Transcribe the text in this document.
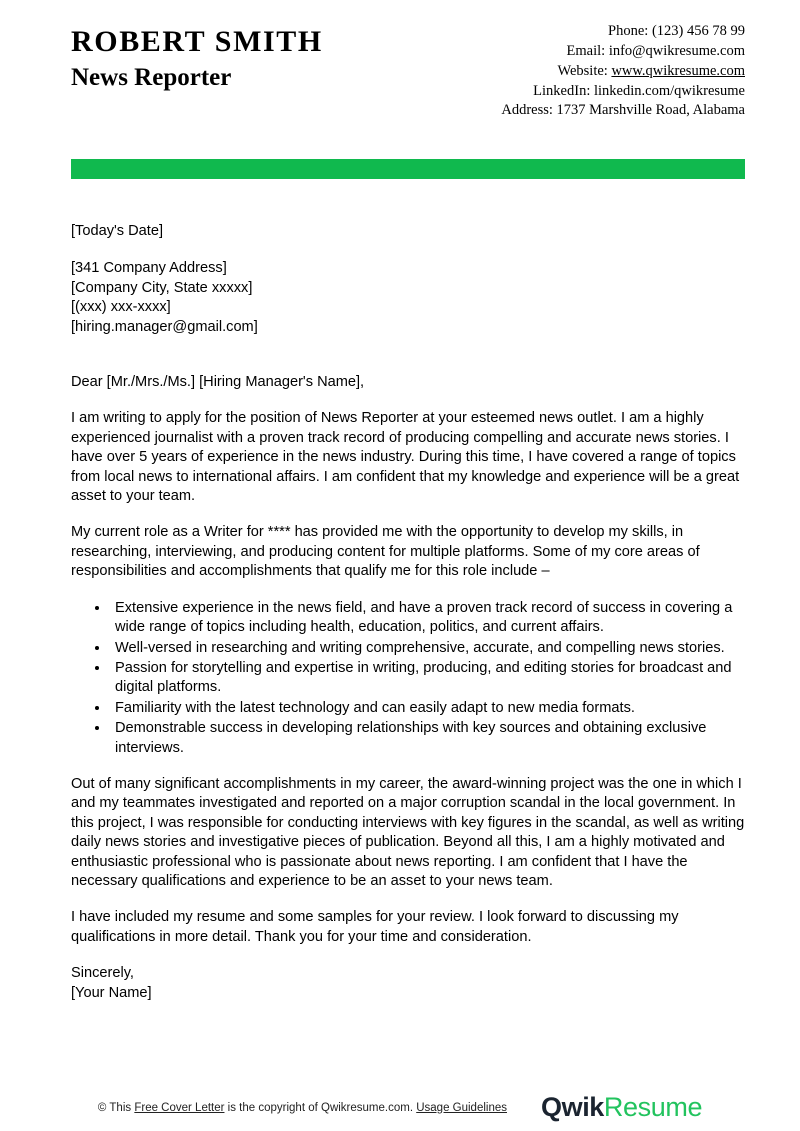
ROBERT SMITH
News Reporter
Phone: (123) 456 78 99
Email: info@qwikresume.com
Website: www.qwikresume.com
LinkedIn: linkedin.com/qwikresume
Address: 1737 Marshville Road, Alabama
[Today's Date]
[341 Company Address]
[Company City, State xxxxx]
[(xxx) xxx-xxxx]
[hiring.manager@gmail.com]
Dear [Mr./Mrs./Ms.] [Hiring Manager's Name],

I am writing to apply for the position of News Reporter at your esteemed news outlet. I am a highly experienced journalist with a proven track record of producing compelling and accurate news stories. I have over 5 years of experience in the news industry. During this time, I have covered a range of topics from local news to international affairs. I am confident that my knowledge and experience will be a great asset to your team.

My current role as a Writer for **** has provided me with the opportunity to develop my skills, in researching, interviewing, and producing content for multiple platforms. Some of my core areas of responsibilities and accomplishments that qualify me for this role include –

Extensive experience in the news field, and have a proven track record of success in covering a wide range of topics including health, education, politics, and current affairs.
Well-versed in researching and writing comprehensive, accurate, and compelling news stories.
Passion for storytelling and expertise in writing, producing, and editing stories for broadcast and digital platforms.
Familiarity with the latest technology and can easily adapt to new media formats.
Demonstrable success in developing relationships with key sources and obtaining exclusive interviews.

Out of many significant accomplishments in my career, the award-winning project was the one in which I and my teammates investigated and reported on a major corruption scandal in the local government. In this project, I was responsible for conducting interviews with key figures in the scandal, as well as writing daily news stories and investigative pieces of publication. Beyond all this, I am a highly motivated and enthusiastic professional who is passionate about news reporting. I am confident that I have the necessary qualifications and experience to be an asset to your news team.

I have included my resume and some samples for your review. I look forward to discussing my qualifications in more detail. Thank you for your time and consideration.

Sincerely,
[Your Name]
© This Free Cover Letter is the copyright of Qwikresume.com. Usage Guidelines Qwik Resume
